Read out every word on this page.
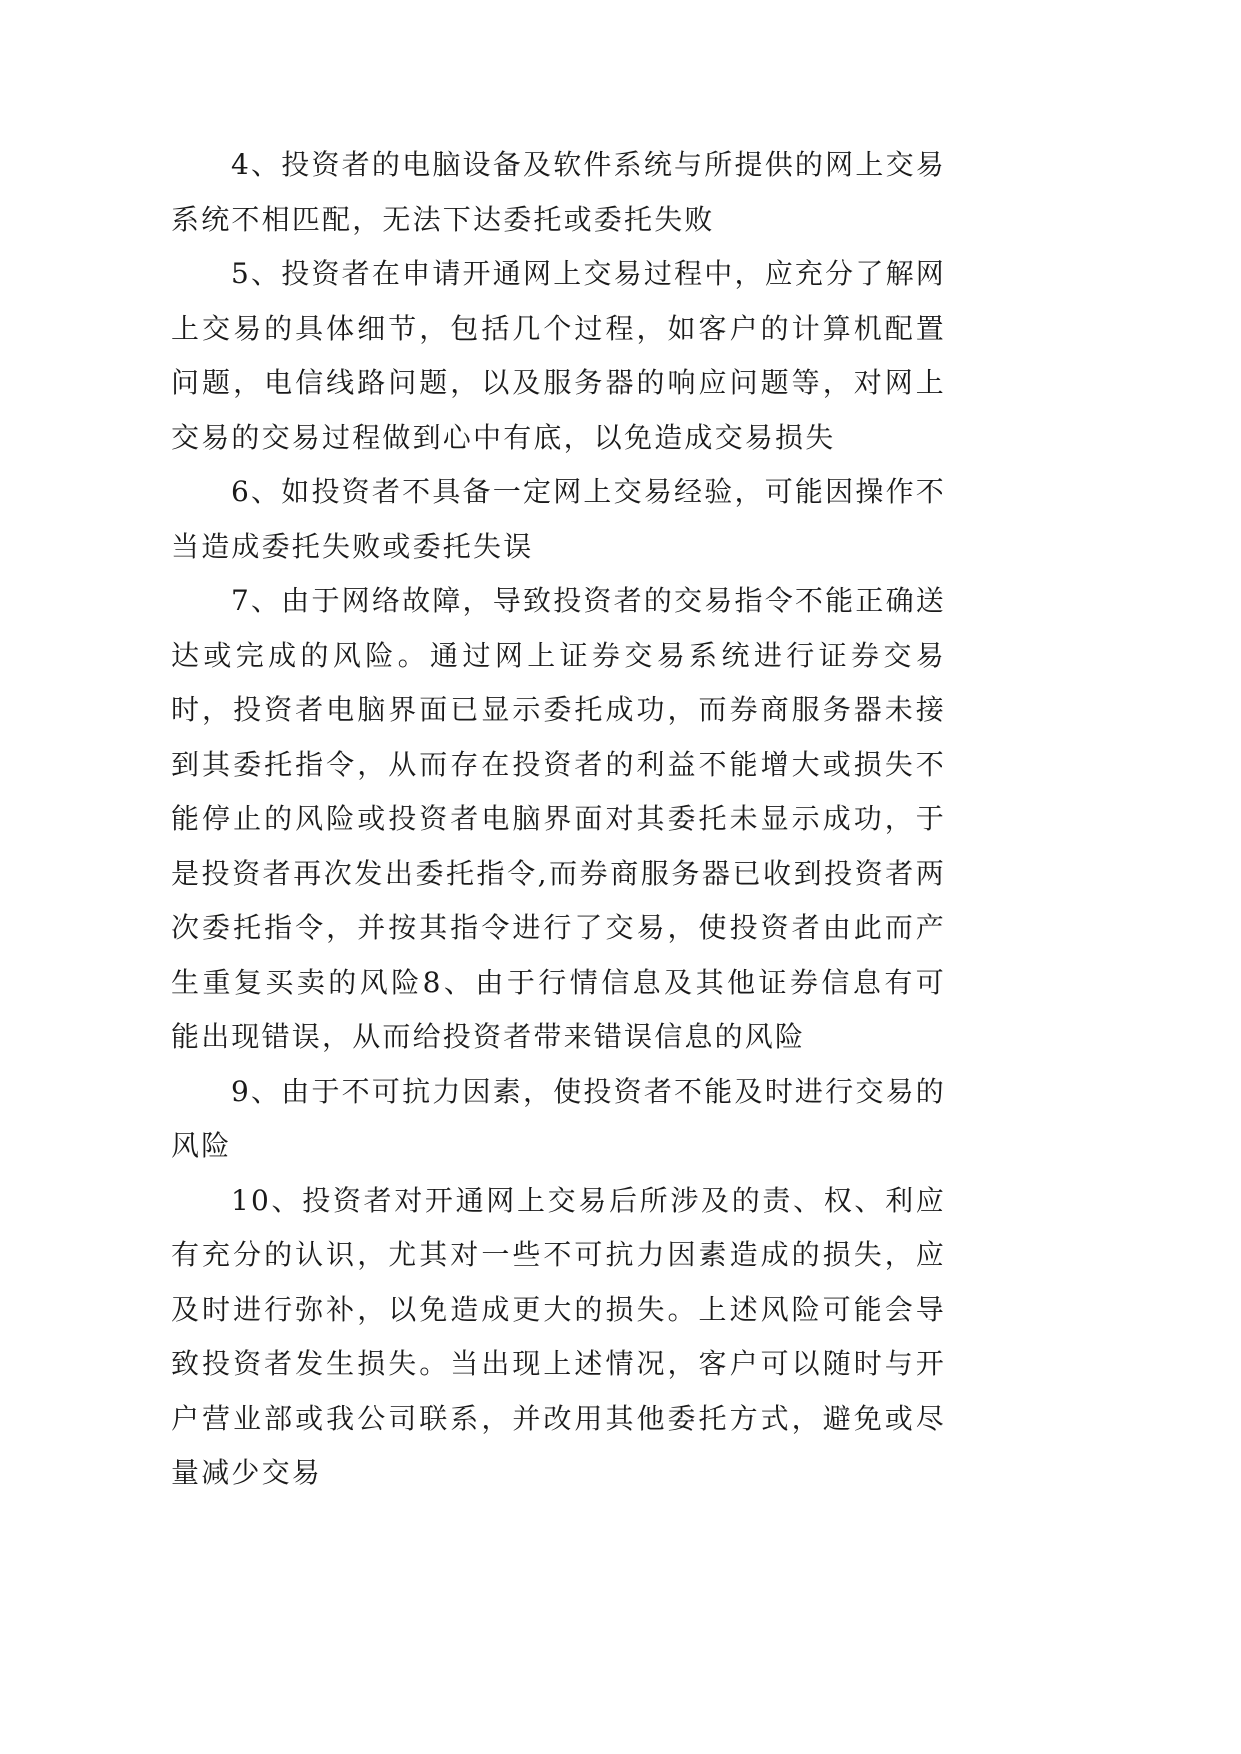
4、投资者的电脑设备及软件系统与所提供的网上交易系统不相匹配，无法下达委托或委托失败

5、投资者在申请开通网上交易过程中，应充分了解网上交易的具体细节，包括几个过程，如客户的计算机配置问题，电信线路问题，以及服务器的响应问题等，对网上交易的交易过程做到心中有底，以免造成交易损失

6、如投资者不具备一定网上交易经验，可能因操作不当造成委托失败或委托失误

7、由于网络故障，导致投资者的交易指令不能正确送达或完成的风险。通过网上证券交易系统进行证券交易时，投资者电脑界面已显示委托成功，而券商服务器未接到其委托指令，从而存在投资者的利益不能增大或损失不能停止的风险或投资者电脑界面对其委托未显示成功，于是投资者再次发出委托指令,而券商服务器已收到投资者两次委托指令，并按其指令进行了交易，使投资者由此而产生重复买卖的风险8、由于行情信息及其他证券信息有可能出现错误，从而给投资者带来错误信息的风险

9、由于不可抗力因素，使投资者不能及时进行交易的风险

10、投资者对开通网上交易后所涉及的责、权、利应有充分的认识，尤其对一些不可抗力因素造成的损失，应及时进行弥补，以免造成更大的损失。上述风险可能会导致投资者发生损失。当出现上述情况，客户可以随时与开户营业部或我公司联系，并改用其他委托方式，避免或尽量减少交易
